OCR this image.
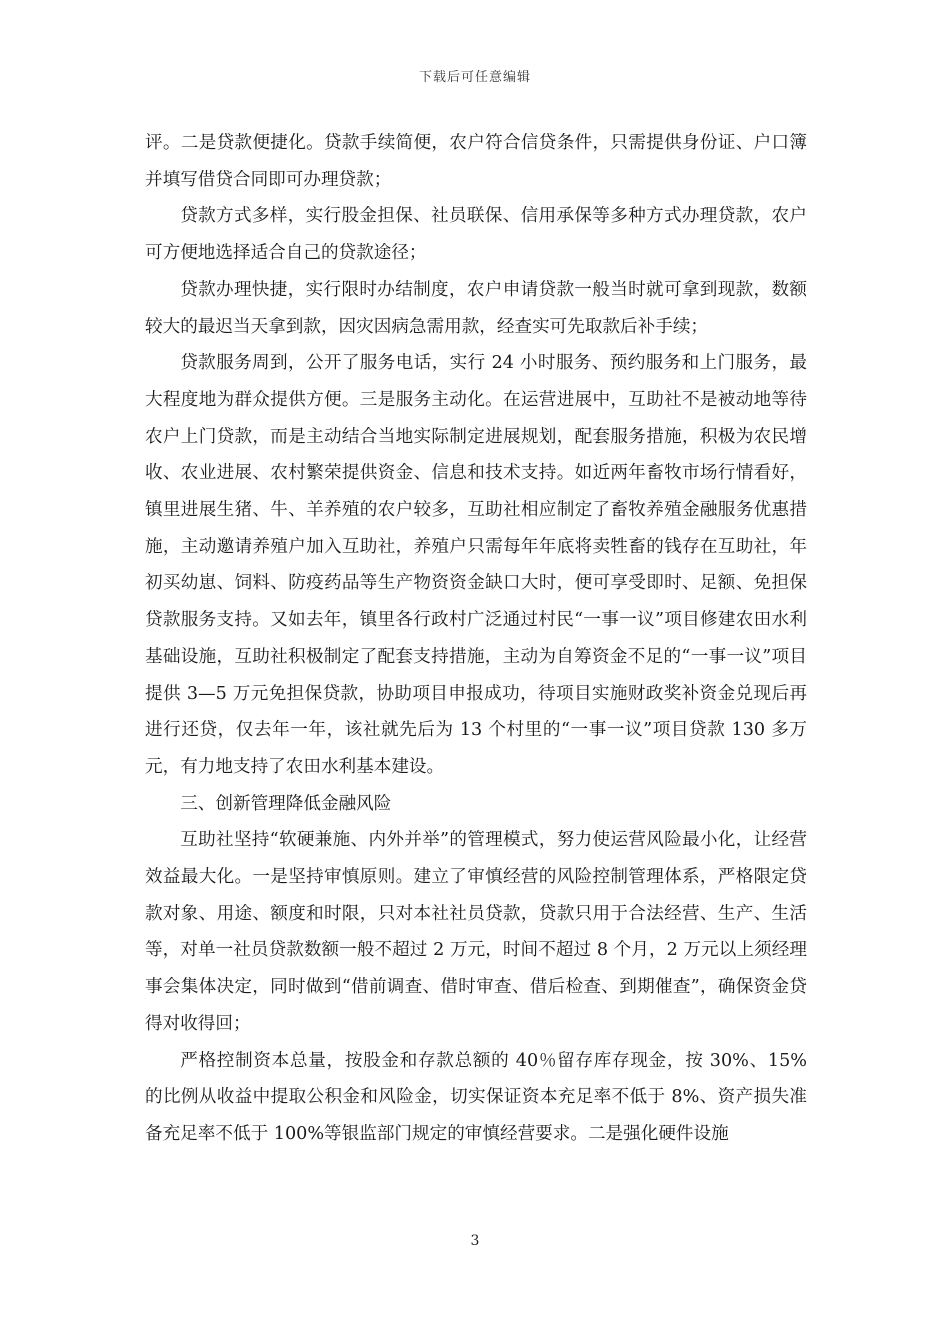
下载后可任意编辑

评。二是贷款便捷化。贷款手续简便，农户符合信贷条件，只需提供身份证、户口簿并填写借贷合同即可办理贷款；

贷款方式多样，实行股金担保、社员联保、信用承保等多种方式办理贷款，农户可方便地选择适合自己的贷款途径；

贷款办理快捷，实行限时办结制度，农户申请贷款一般当时就可拿到现款，数额较大的最迟当天拿到款，因灾因病急需用款，经查实可先取款后补手续；

贷款服务周到，公开了服务电话，实行 24 小时服务、预约服务和上门服务，最大程度地为群众提供方便。三是服务主动化。在运营进展中，互助社不是被动地等待农户上门贷款，而是主动结合当地实际制定进展规划，配套服务措施，积极为农民增收、农业进展、农村繁荣提供资金、信息和技术支持。如近两年畜牧市场行情看好，镇里进展生猪、牛、羊养殖的农户较多，互助社相应制定了畜牧养殖金融服务优惠措施，主动邀请养殖户加入互助社，养殖户只需每年年底将卖牲畜的钱存在互助社，年初买幼崽、饲料、防疫药品等生产物资资金缺口大时，便可享受即时、足额、免担保贷款服务支持。又如去年，镇里各行政村广泛通过村民“一事一议”项目修建农田水利基础设施，互助社积极制定了配套支持措施，主动为自筹资金不足的“一事一议”项目提供 3—5 万元免担保贷款，协助项目申报成功，待项目实施财政奖补资金兑现后再进行还贷，仅去年一年，该社就先后为 13 个村里的“一事一议”项目贷款 130 多万元，有力地支持了农田水利基本建设。

三、创新管理降低金融风险

互助社坚持“软硬兼施、内外并举”的管理模式，努力使运营风险最小化，让经营效益最大化。一是坚持审慎原则。建立了审慎经营的风险控制管理体系，严格限定贷款对象、用途、额度和时限，只对本社社员贷款，贷款只用于合法经营、生产、生活等，对单一社员贷款数额一般不超过 2 万元，时间不超过 8 个月，2 万元以上须经理事会集体决定，同时做到“借前调查、借时审查、借后检查、到期催查”，确保资金贷得对收得回；

严格控制资本总量，按股金和存款总额的 40％留存库存现金，按 30%、15% 的比例从收益中提取公积金和风险金，切实保证资本充足率不低于 8%、资产损失准备充足率不低于 100%等银监部门规定的审慎经营要求。二是强化硬件设施

3
